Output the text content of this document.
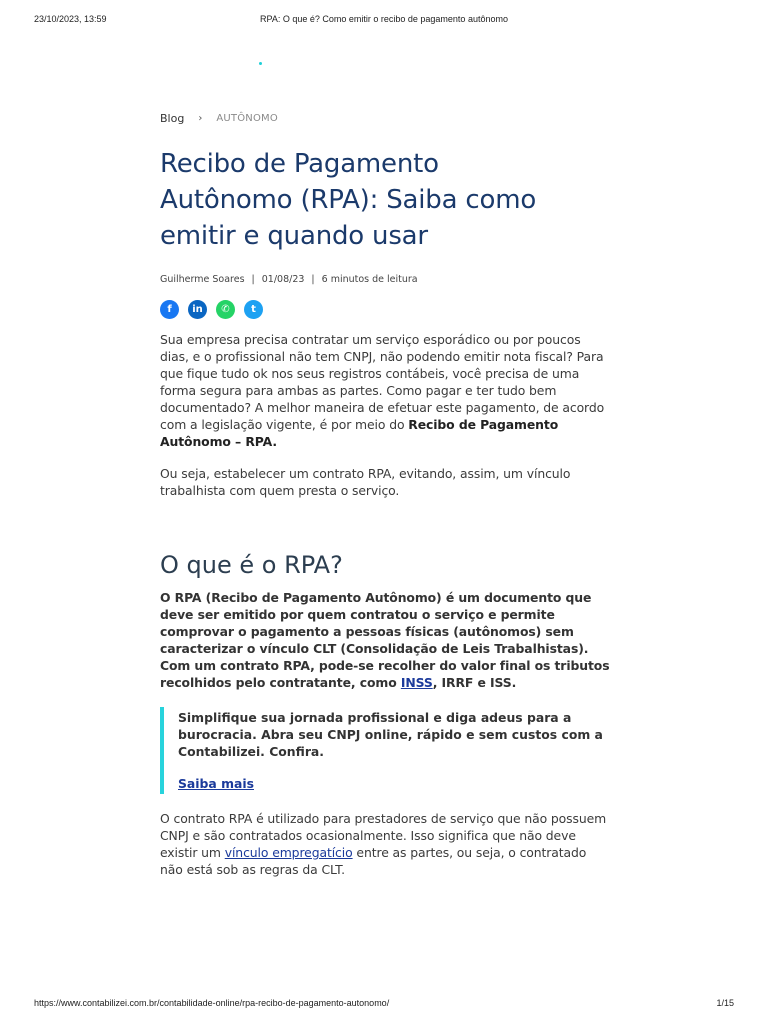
23/10/2023, 13:59	RPA: O que é? Como emitir o recibo de pagamento autônomo
Blog › AUTÔNOMO
Recibo de Pagamento
Autônomo (RPA): Saiba como
emitir e quando usar
Guilherme Soares | 01/08/23 | 6 minutos de leitura
f	in	✆	t

Sua empresa precisa contratar um serviço esporádico ou por poucos dias, e o profissional não tem CNPJ, não podendo emitir nota fiscal? Para que fique tudo ok nos seus registros contábeis, você precisa de uma forma segura para ambas as partes. Como pagar e ter tudo bem documentado? A melhor maneira de efetuar este pagamento, de acordo com a legislação vigente, é por meio do Recibo de Pagamento Autônomo – RPA.

Ou seja, estabelecer um contrato RPA, evitando, assim, um vínculo trabalhista com quem presta o serviço.

O que é o RPA?

O RPA (Recibo de Pagamento Autônomo) é um documento que deve ser emitido por quem contratou o serviço e permite comprovar o pagamento a pessoas físicas (autônomos) sem caracterizar o vínculo CLT (Consolidação de Leis Trabalhistas). Com um contrato RPA, pode-se recolher do valor final os tributos recolhidos pelo contratante, como INSS, IRRF e ISS.

Simplifique sua jornada profissional e diga adeus para a burocracia. Abra seu CNPJ online, rápido e sem custos com a Contabilizei. Confira.

Saiba mais

O contrato RPA é utilizado para prestadores de serviço que não possuem CNPJ e são contratados ocasionalmente. Isso significa que não deve existir um vínculo empregatício entre as partes, ou seja, o contratado não está sob as regras da CLT.

https://www.contabilizei.com.br/contabilidade-online/rpa-recibo-de-pagamento-autonomo/	1/15
